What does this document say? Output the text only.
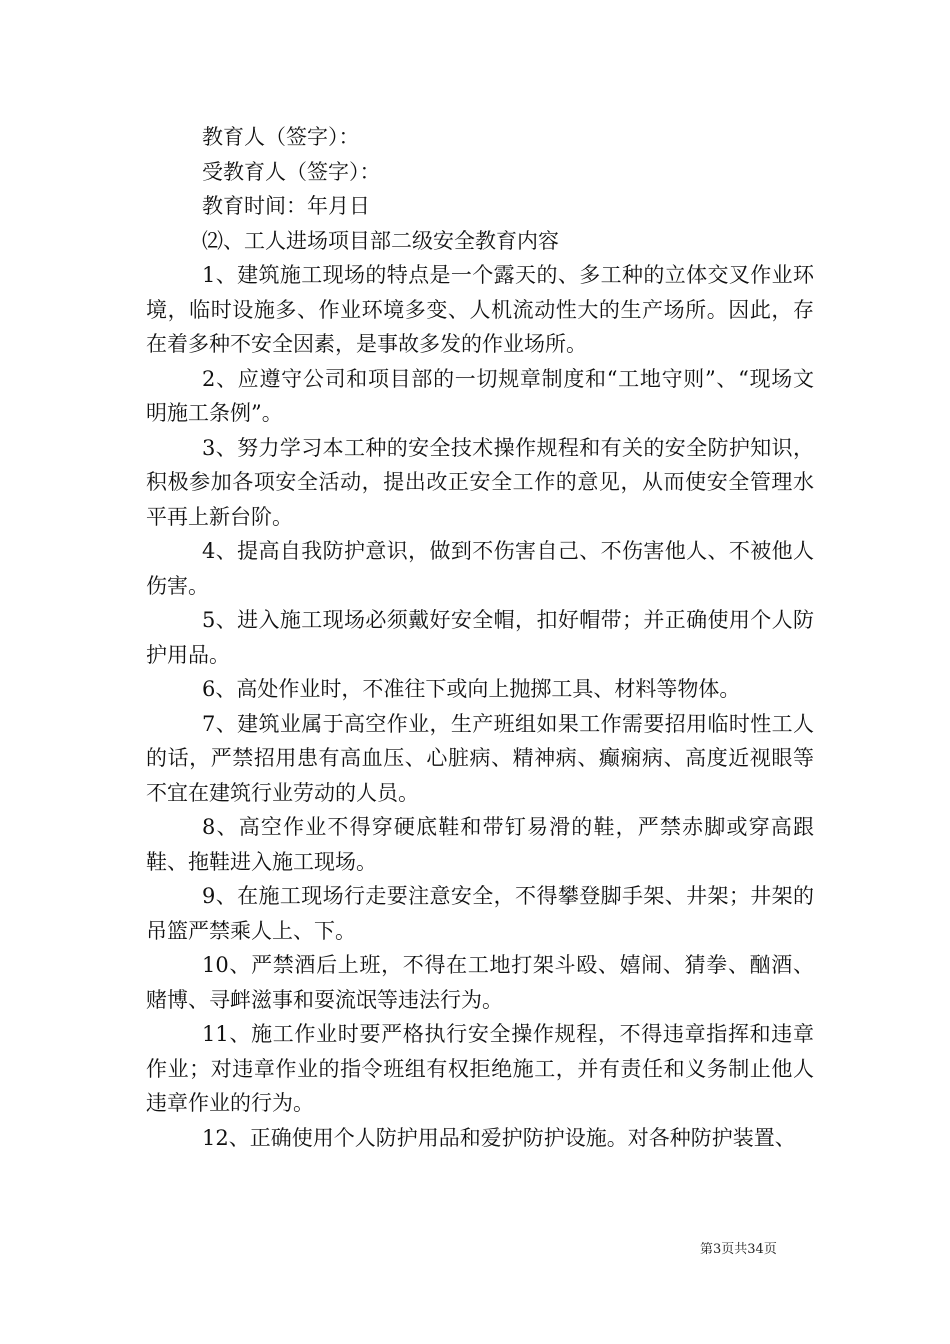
教育人（签字）：

受教育人（签字）：

教育时间：年月日

⑵、工人进场项目部二级安全教育内容

1、建筑施工现场的特点是一个露天的、多工种的立体交叉作业环境，临时设施多、作业环境多变、人机流动性大的生产场所。因此，存在着多种不安全因素，是事故多发的作业场所。

2、应遵守公司和项目部的一切规章制度和“工地守则”、“现场文明施工条例”。

3、努力学习本工种的安全技术操作规程和有关的安全防护知识，积极参加各项安全活动，提出改正安全工作的意见，从而使安全管理水平再上新台阶。

4、提高自我防护意识，做到不伤害自己、不伤害他人、不被他人伤害。

5、进入施工现场必须戴好安全帽，扣好帽带；并正确使用个人防护用品。

6、高处作业时，不准往下或向上抛掷工具、材料等物体。

7、建筑业属于高空作业，生产班组如果工作需要招用临时性工人的话，严禁招用患有高血压、心脏病、精神病、癫痫病、高度近视眼等不宜在建筑行业劳动的人员。

8、高空作业不得穿硬底鞋和带钉易滑的鞋，严禁赤脚或穿高跟鞋、拖鞋进入施工现场。

9、在施工现场行走要注意安全，不得攀登脚手架、井架；井架的吊篮严禁乘人上、下。

10、严禁酒后上班，不得在工地打架斗殴、嬉闹、猜拳、酗酒、赌博、寻衅滋事和耍流氓等违法行为。

11、施工作业时要严格执行安全操作规程，不得违章指挥和违章作业；对违章作业的指令班组有权拒绝施工，并有责任和义务制止他人违章作业的行为。

12、正确使用个人防护用品和爱护防护设施。对各种防护装置、

第3页共34页
